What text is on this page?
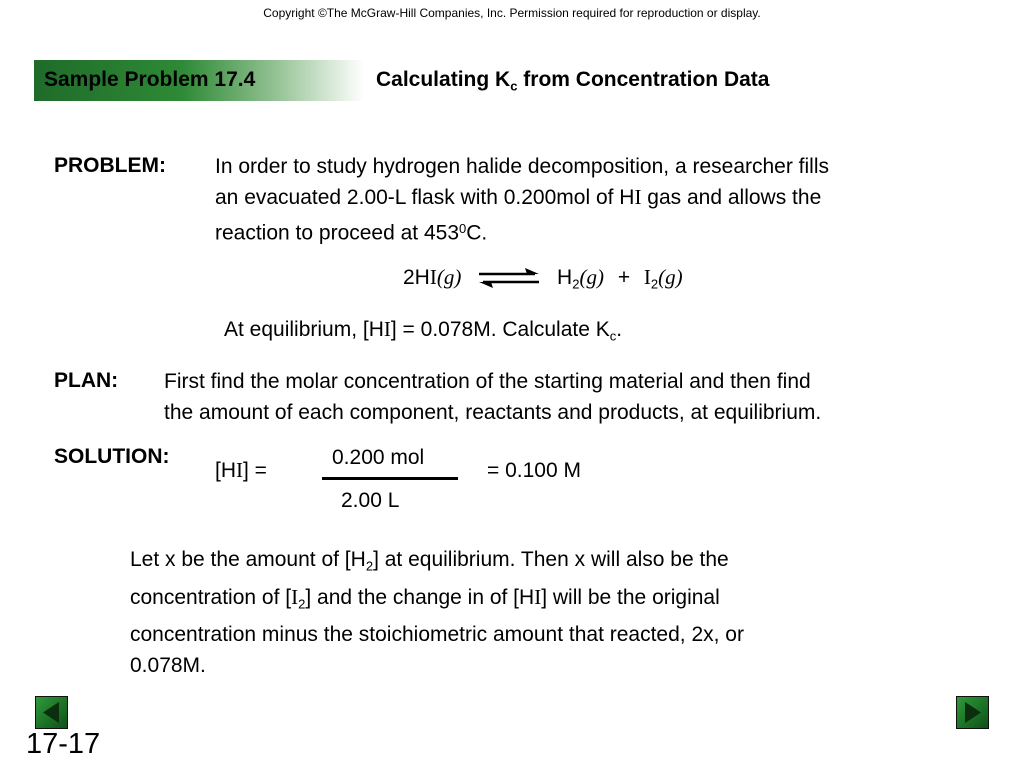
Copyright ©The McGraw-Hill Companies, Inc. Permission required for reproduction or display.
Sample Problem 17.4	Calculating $K_c$ from Concentration Data
PROBLEM: In order to study hydrogen halide decomposition, a researcher fills
an evacuated 2.00-L flask with 0.200mol of HI gas and allows the
reaction to proceed at $453^0C$.
2HI(g) ⇌ $H_2(g) + I_2(g)$
At equilibrium, [HI] = 0.078M. Calculate $K_c$.
PLAN: First find the molar concentration of the starting material and then find
the amount of each component, reactants and products, at equilibrium.
SOLUTION:
[HI] =
0.200 mol
2.00 L
= 0.100 M
Let x be the amount of $[H_2]$ at equilibrium. Then x will also be the
concentration of $[I_2]$ and the change in of [HI] will be the original
concentration minus the stoichiometric amount that reacted, 2x, or
0.078M.
17-17
